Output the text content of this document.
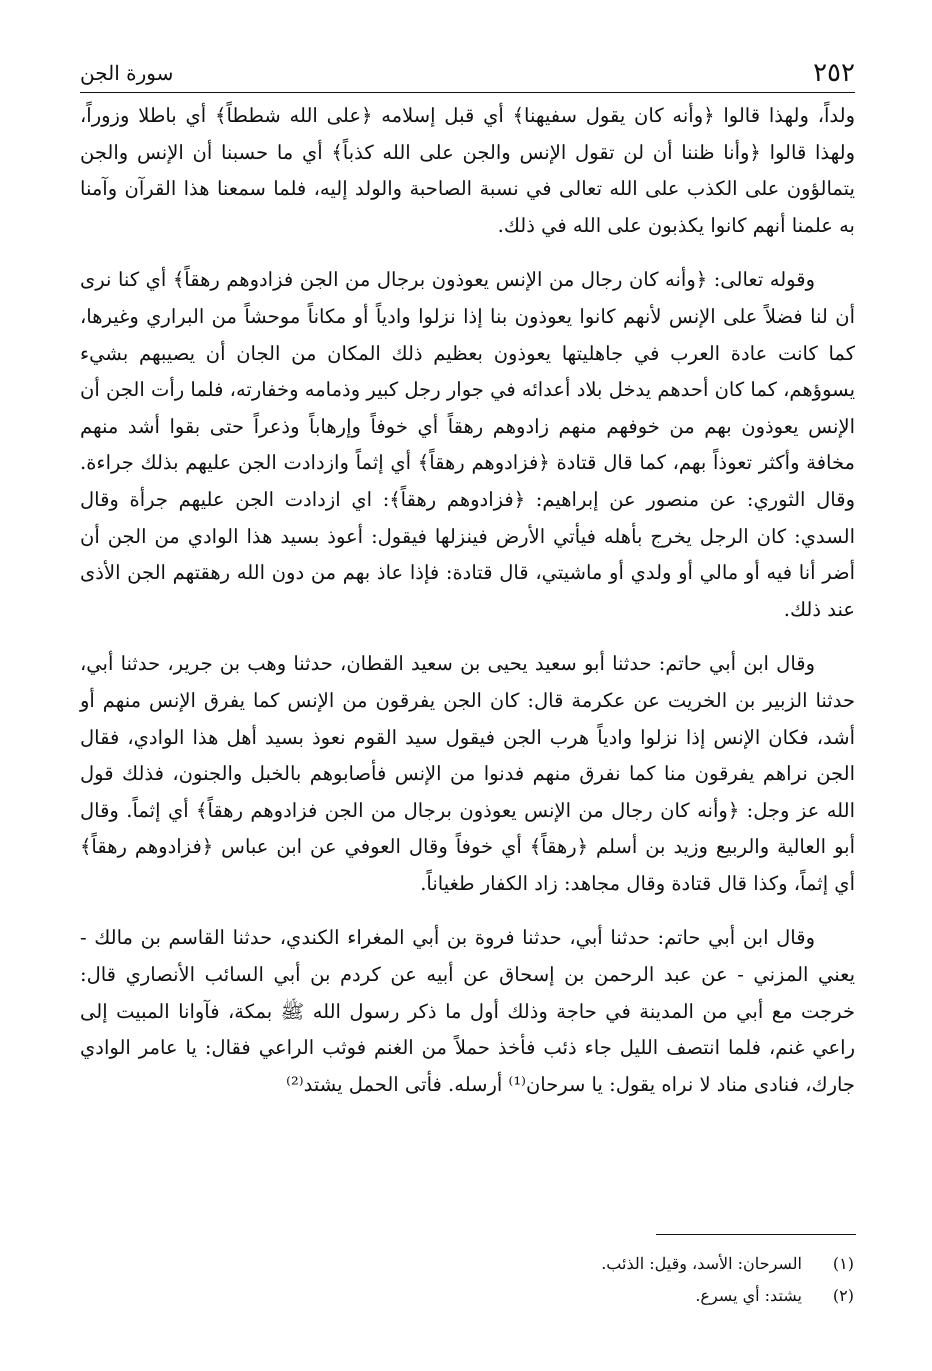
٢٥٢
سورة الجن

ولداً، ولهذا قالوا ﴿وأنه كان يقول سفيهنا﴾ أي قبل إسلامه ﴿على الله شططاً﴾ أي باطلا وزوراً، ولهذا قالوا ﴿وأنا ظننا أن لن تقول الإنس والجن على الله كذباً﴾ أي ما حسبنا أن الإنس والجن يتمالؤون على الكذب على الله تعالى في نسبة الصاحبة والولد إليه، فلما سمعنا هذا القرآن وآمنا به علمنا أنهم كانوا يكذبون على الله في ذلك.

وقوله تعالى: ﴿وأنه كان رجال من الإنس يعوذون برجال من الجن فزادوهم رهقاً﴾ أي كنا نرى أن لنا فضلاً على الإنس لأنهم كانوا يعوذون بنا إذا نزلوا وادياً أو مكاناً موحشاً من البراري وغيرها، كما كانت عادة العرب في جاهليتها يعوذون بعظيم ذلك المكان من الجان أن يصيبهم بشيء يسوؤهم، كما كان أحدهم يدخل بلاد أعدائه في جوار رجل كبير وذمامه وخفارته، فلما رأت الجن أن الإنس يعوذون بهم من خوفهم منهم زادوهم رهقاً أي خوفاً وإرهاباً وذعراً حتى بقوا أشد منهم مخافة وأكثر تعوذاً بهم، كما قال قتادة ﴿فزادوهم رهقاً﴾ أي إثماً وازدادت الجن عليهم بذلك جراءة. وقال الثوري: عن منصور عن إبراهيم: ﴿فزادوهم رهقاً﴾: اي ازدادت الجن عليهم جرأة وقال السدي: كان الرجل يخرج بأهله فيأتي الأرض فينزلها فيقول: أعوذ بسيد هذا الوادي من الجن أن أضر أنا فيه أو مالي أو ولدي أو ماشيتي، قال قتادة: فإذا عاذ بهم من دون الله رهقتهم الجن الأذى عند ذلك.

وقال ابن أبي حاتم: حدثنا أبو سعيد يحيى بن سعيد القطان، حدثنا وهب بن جرير، حدثنا أبي، حدثنا الزبير بن الخريت عن عكرمة قال: كان الجن يفرقون من الإنس كما يفرق الإنس منهم أو أشد، فكان الإنس إذا نزلوا وادياً هرب الجن فيقول سيد القوم نعوذ بسيد أهل هذا الوادي، فقال الجن نراهم يفرقون منا كما نفرق منهم فدنوا من الإنس فأصابوهم بالخبل والجنون، فذلك قول الله عز وجل: ﴿وأنه كان رجال من الإنس يعوذون برجال من الجن فزادوهم رهقاً﴾ أي إثماً. وقال أبو العالية والربيع وزيد بن أسلم ﴿رهقاً﴾ أي خوفاً وقال العوفي عن ابن عباس ﴿فزادوهم رهقاً﴾ أي إثماً، وكذا قال قتادة وقال مجاهد: زاد الكفار طغياناً.

وقال ابن أبي حاتم: حدثنا أبي، حدثنا فروة بن أبي المغراء الكندي، حدثنا القاسم بن مالك - يعني المزني - عن عبد الرحمن بن إسحاق عن أبيه عن كردم بن أبي السائب الأنصاري قال: خرجت مع أبي من المدينة في حاجة وذلك أول ما ذكر رسول الله ﷺ بمكة، فآوانا المبيت إلى راعي غنم، فلما انتصف الليل جاء ذئب فأخذ حملاً من الغنم فوثب الراعي فقال: يا عامر الوادي جارك، فنادى مناد لا نراه يقول: يا سرحان⁽¹⁾ أرسله. فأتى الحمل يشتد⁽²⁾

(١)
السرحان: الأسد، وقيل: الذئب.
(٢)
يشتد: أي يسرع.
